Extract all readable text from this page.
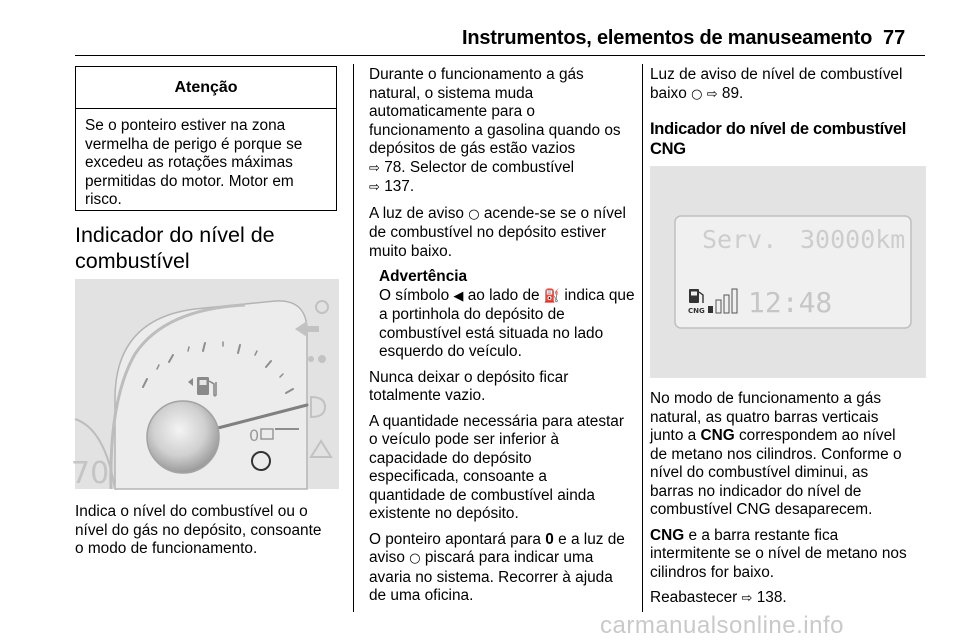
Instrumentos, elementos de manuseamento 77
Atenção
Se o ponteiro estiver na zona
vermelha de perigo é porque se
excedeu as rotações máximas
permitidas do motor. Motor em
risco.
Indicador do nível de
combustível
0
70
Indica o nível do combustível ou o
nível do gás no depósito, consoante
o modo de funcionamento.

Durante o funcionamento a gás
natural, o sistema muda
automaticamente para o
funcionamento a gasolina quando os
depósitos de gás estão vazios
⇨ 78. Selector de combustível
⇨ 137.

A luz de aviso ○ acende-se se o nível
de combustível no depósito estiver
muito baixo.

Advertência
O símbolo ◀ ao lado de ⛽ indica que
a portinhola do depósito de
combustível está situada no lado
esquerdo do veículo.

Nunca deixar o depósito ficar
totalmente vazio.

A quantidade necessária para atestar
o veículo pode ser inferior à
capacidade do depósito
especificada, consoante a
quantidade de combustível ainda
existente no depósito.

O ponteiro apontará para 0 e a luz de
aviso ○ piscará para indicar uma
avaria no sistema. Recorrer à ajuda
de uma oficina.

Luz de aviso de nível de combustível
baixo ○ ⇨ 89.
Indicador do nível de combustível
CNG
Serv. 30000km
CNG 12:48

No modo de funcionamento a gás
natural, as quatro barras verticais
junto a CNG correspondem ao nível
de metano nos cilindros. Conforme o
nível do combustível diminui, as
barras no indicador do nível de
combustível CNG desaparecem.

CNG e a barra restante fica
intermitente se o nível de metano nos
cilindros for baixo.

Reabastecer ⇨ 138.

carmanualsonline.info
